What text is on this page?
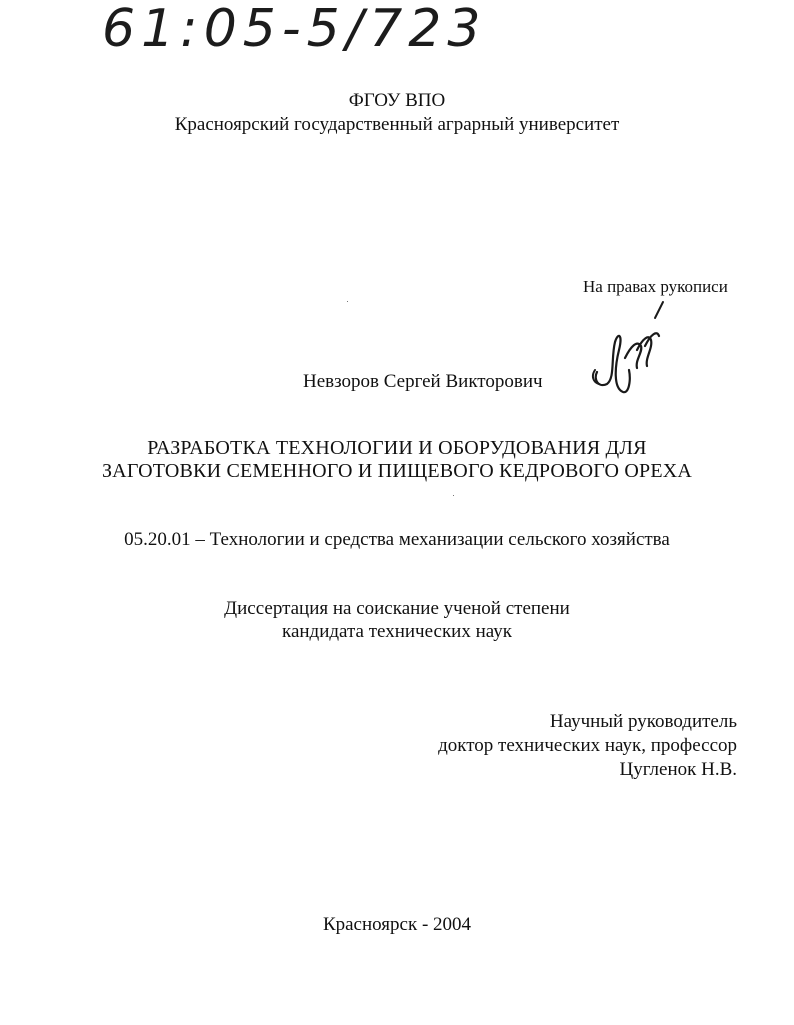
61:05-5/723
ФГОУ ВПО
Красноярский государственный аграрный университет
На правах рукописи
Невзоров Сергей Викторович
РАЗРАБОТКА ТЕХНОЛОГИИ И ОБОРУДОВАНИЯ ДЛЯ
ЗАГОТОВКИ СЕМЕННОГО И ПИЩЕВОГО КЕДРОВОГО ОРЕХА
05.20.01 – Технологии и средства механизации сельского хозяйства
Диссертация на соискание ученой степени
кандидата технических наук
Научный руководитель
доктор технических наук, профессор
Цугленок Н.В.
Красноярск - 2004
